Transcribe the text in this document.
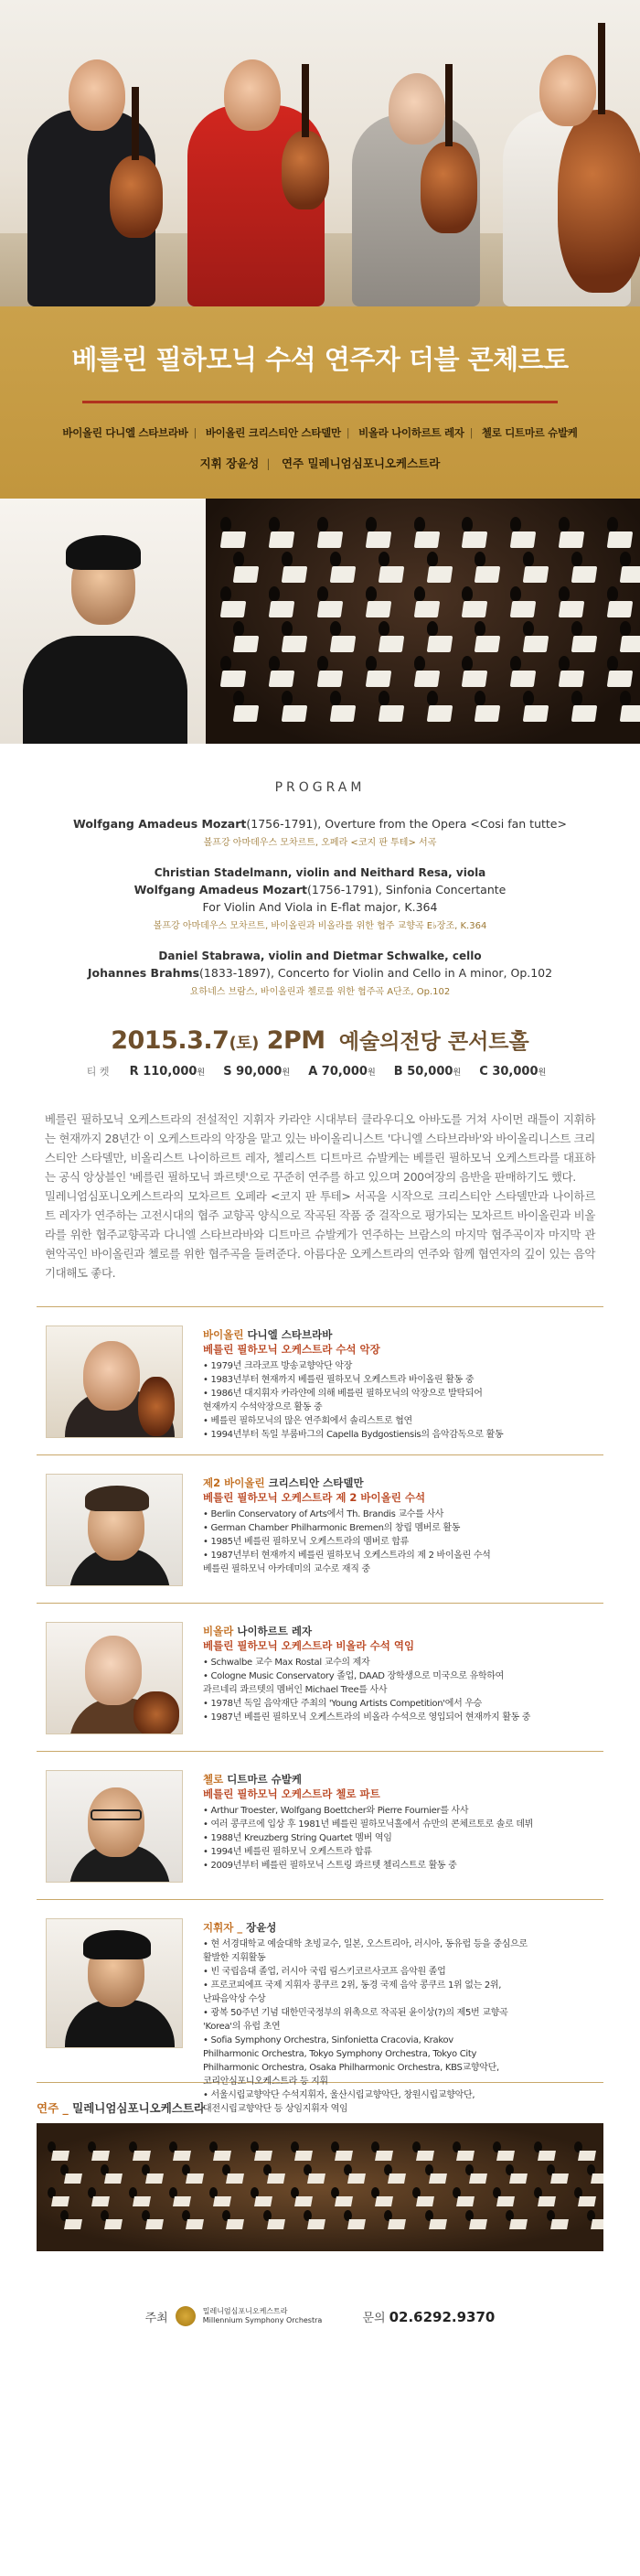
베를린 필하모닉 수석 연주자 더블 콘체르토
바이올린 다니엘 스타브라바 | 바이올린 크리스티안 스타델만 | 비올라 나이하르트 레자 | 첼로 디트마르 슈발케
지휘 장윤성 | 연주 밀레니엄심포니오케스트라
PROGRAM
Wolfgang Amadeus Mozart(1756-1791), Overture from the Opera <Cosi fan tutte>
볼프강 아마데우스 모차르트, 오페라 <코지 판 투테> 서곡
Christian Stadelmann, violin and Neithard Resa, viola
Wolfgang Amadeus Mozart(1756-1791), Sinfonia Concertante
For Violin And Viola in E-flat major, K.364
볼프강 아마데우스 모차르트, 바이올린과 비올라를 위한 협주 교향곡 E♭장조, K.364
Daniel Stabrawa, violin and Dietmar Schwalke, cello
Johannes Brahms(1833-1897), Concerto for Violin and Cello in A minor, Op.102
요하네스 브람스, 바이올린과 첼로를 위한 협주곡 A단조, Op.102
2015.3.7(토) 2PM 예술의전당 콘서트홀
티 켓 R 110,000원 S 90,000원 A 70,000원 B 50,000원 C 30,000원

베를린 필하모닉 오케스트라의 전설적인 지휘자 카라얀 시대부터 클라우디오 아바도를 거쳐 사이먼 래틀이 지휘하는 현재까지 28년간 이 오케스트라의 악장을 맡고 있는 바이올리니스트 '다니엘 스타브라바'와 바이올리니스트 크리스티안 스타델만, 비올리스트 나이하르트 레자, 첼리스트 디트마르 슈발케는 베를린 필하모닉 오케스트라를 대표하는 공식 앙상블인 '베를린 필하모닉 콰르텟'으로 꾸준히 연주를 하고 있으며 200여장의 음반을 판매하기도 했다.

밀레니엄심포니오케스트라의 모차르트 오페라 <코지 판 투테> 서곡을 시작으로 크리스티안 스타델만과 나이하르트 레자가 연주하는 고전시대의 협주 교향곡 양식으로 작곡된 작품 중 걸작으로 평가되는 모차르트 바이올린과 비올라를 위한 협주교향곡과 다니엘 스타브라바와 디트마르 슈발케가 연주하는 브람스의 마지막 협주곡이자 마지막 관현악곡인 바이올린과 첼로를 위한 협주곡을 들려준다. 아름다운 오케스트라의 연주와 함께 협연자의 깊이 있는 음악 기대해도 좋다.

바이올린 다니엘 스타브라바
베를린 필하모닉 오케스트라 수석 악장
• 1979년 크라코프 방송교향악단 악장
• 1983년부터 현재까지 베를린 필하모닉 오케스트라 바이올린 활동 중
• 1986년 대지휘자 카라얀에 의해 베를린 필하모닉의 악장으로 발탁되어
현재까지 수석악장으로 활동 중
• 베를린 필하모닉의 많은 연주회에서 솔리스트로 협연
• 1994년부터 독일 부룸바그의 Capella Bydgostiensis의 음악감독으로 활동
제2 바이올린 크리스티안 스타델만
베를린 필하모닉 오케스트라 제 2 바이올린 수석
• Berlin Conservatory of Arts에서 Th. Brandis 교수를 사사
• German Chamber Philharmonic Bremen의 창립 멤버로 활동
• 1985년 베를린 필하모닉 오케스트라의 멤버로 합류
• 1987년부터 현재까지 베를린 필하모닉 오케스트라의 제 2 바이올린 수석
베를린 필하모닉 아카데미의 교수로 재직 중
비올라 나이하르트 레자
베를린 필하모닉 오케스트라 비올라 수석 역임
• Schwalbe 교수 Max Rostal 교수의 제자
• Cologne Music Conservatory 졸업, DAAD 장학생으로 미국으로 유학하여
과르네리 콰르텟의 멤버인 Michael Tree를 사사
• 1978년 독일 음악재단 주최의 'Young Artists Competition'에서 우승
• 1987년 베를린 필하모닉 오케스트라의 비올라 수석으로 영입되어 현재까지 활동 중
첼로 디트마르 슈발케
베를린 필하모닉 오케스트라 첼로 파트
• Arthur Troester, Wolfgang Boettcher와 Pierre Fournier를 사사
• 여러 콩쿠르에 입상 후 1981년 베를린 필하모닉홀에서 슈만의 콘체르토로 솔로 데뷔
• 1988년 Kreuzberg String Quartet 멤버 역임
• 1994년 베를린 필하모닉 오케스트라 합류
• 2009년부터 베를린 필하모닉 스트링 콰르텟 첼리스트로 활동 중
지휘자 _ 장윤성
• 현 서경대학교 예술대학 초빙교수, 일본, 오스트리아, 러시아, 동유럽 등을 중심으로
활발한 지휘활동
• 빈 국립음대 졸업, 러시아 국립 림스키코르사코프 음악원 졸업
• 프로코피에프 국제 지휘자 콩쿠르 2위, 동경 국제 음악 콩쿠르 1위 없는 2위,
난파음악상 수상
• 광복 50주년 기념 대한민국정부의 위촉으로 작곡된 윤이상(?)의 제5번 교향곡
'Korea'의 유럽 초연
• Sofia Symphony Orchestra, Sinfonietta Cracovia, Krakov
Philharmonic Orchestra, Tokyo Symphony Orchestra, Tokyo City
Philharmonic Orchestra, Osaka Philharmonic Orchestra, KBS교향악단,
코리안심포니오케스트라 등 지휘
• 서울시립교향악단 수석지휘자, 울산시립교향악단, 창원시립교향악단,
대전시립교향악단 등 상임지휘자 역임
연주 _ 밀레니엄심포니오케스트라
주최	밀레니엄심포니오케스트라
Millennium Symphony Orchestra	문의 02.6292.9370
